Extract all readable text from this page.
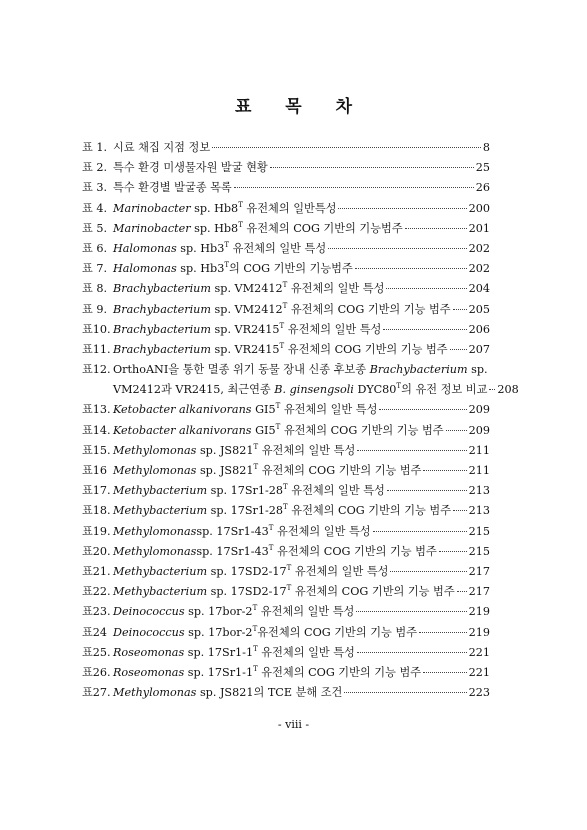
표 목 차
표 1. 시료 채집 지점 정보	8
표 2. 특수 환경 미생물자원 발굴 현황	25
표 3. 특수 환경별 발굴종 목록	26
표 4. Marinobacter sp. $Hb8^T$ 유전체의 일반특성	200
표 5. Marinobacter sp. $Hb8^T$ 유전체의 COG 기반의 기능범주	201
표 6. Halomonas sp. $Hb3^T$ 유전체의 일반 특성	202
표 7. Halomonas sp. $Hb3^T$의 COG 기반의 기능범주	202
표 8. Brachybacterium sp. $VM2412^T$ 유전체의 일반 특성	204
표 9. Brachybacterium sp. $VM2412^T$ 유전체의 COG 기반의 기능 범주 205
표10. Brachybacterium sp. $VR2415^T$ 유전체의 일반 특성	206
표11. Brachybacterium sp. $VR2415^T$ 유전체의 COG 기반의 기능 범주 207
표12. OrthoANI을 통한 멸종 위기 동물 장내 신종 후보종 Brachybacterium sp.
VM2412과 VR2415, 최근연종 B. ginsengsoli $DYC80^T$의 유전 정보 비교 208
표13. Ketobacter alkanivorans $GI5^T$ 유전체의 일반 특성	209
표14. Ketobacter alkanivorans $GI5^T$ 유전체의 COG 기반의 기능 범주 209
표15. Methylomonas sp. $JS821^T$ 유전체의 일반 특성	211
표16 Methylomonas sp. $JS821^T$ 유전체의 COG 기반의 기능 범주	211
표17. Methybacterium sp. $17Sr1-28^T$ 유전체의 일반 특성	213
표18. Methybacterium sp. $17Sr1-28^T$ 유전체의 COG 기반의 기능 범주 213
표19. Methylomonassp. $17Sr1-43^T$ 유전체의 일반 특성	215
표20. Methylomonassp. $17Sr1-43^T$ 유전체의 COG 기반의 기능 범주	215
표21. Methybacterium sp. $17SD2-17^T$ 유전체의 일반 특성	217
표22. Methybacterium sp. $17SD2-17^T$ 유전체의 COG 기반의 기능 범주 217
표23. Deinococcus sp. $17bor-2^T$ 유전체의 일반 특성	219
표24 Deinococcus sp. $17bor-2^T$유전체의 COG 기반의 기능 범주	219
표25. Roseomonas sp. $17Sr1-1^T$ 유전체의 일반 특성	221
표26. Roseomonas sp. $17Sr1-1^T$ 유전체의 COG 기반의 기능 범주	221
표27. Methylomonas sp. JS821의 TCE 분해 조건	223
- viii -
